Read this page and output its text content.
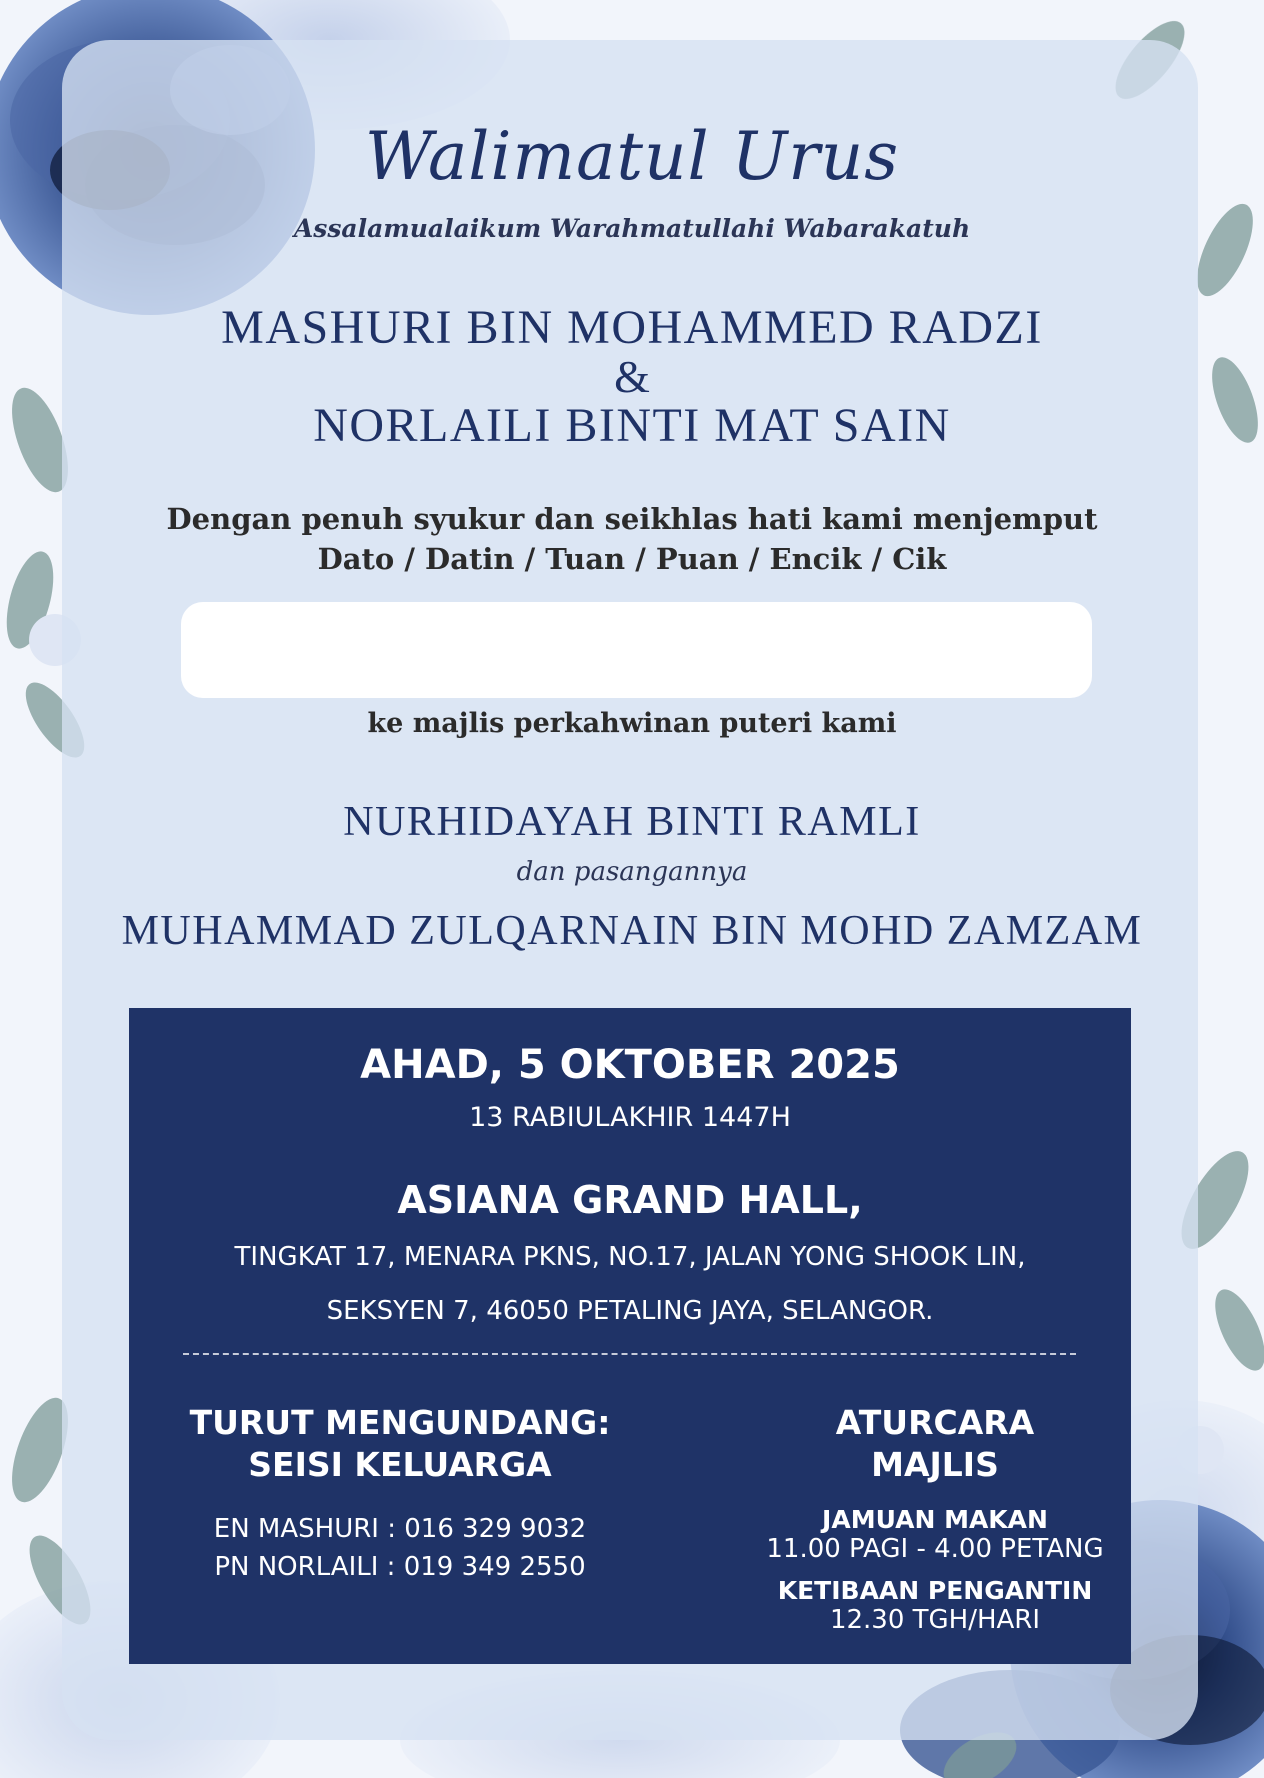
Walimatul Urus
Assalamualaikum Warahmatullahi Wabarakatuh
MASHURI BIN MOHAMMED RADZI
&
NORLAILI BINTI MAT SAIN
Dengan penuh syukur dan seikhlas hati kami menjemput
Dato / Datin / Tuan / Puan / Encik / Cik
ke majlis perkahwinan puteri kami
NURHIDAYAH BINTI RAMLI
dan pasangannya
MUHAMMAD ZULQARNAIN BIN MOHD ZAMZAM
AHAD, 5 OKTOBER 2025
13 RABIULAKHIR 1447H
ASIANA GRAND HALL,
TINGKAT 17, MENARA PKNS, NO.17, JALAN YONG SHOOK LIN,
SEKSYEN 7, 46050 PETALING JAYA, SELANGOR.
TURUT MENGUNDANG:
SEISI KELUARGA
EN MASHURI : 016 329 9032
PN NORLAILI : 019 349 2550
ATURCARA
MAJLIS
JAMUAN MAKAN
11.00 PAGI - 4.00 PETANG
KETIBAAN PENGANTIN
12.30 TGH/HARI
